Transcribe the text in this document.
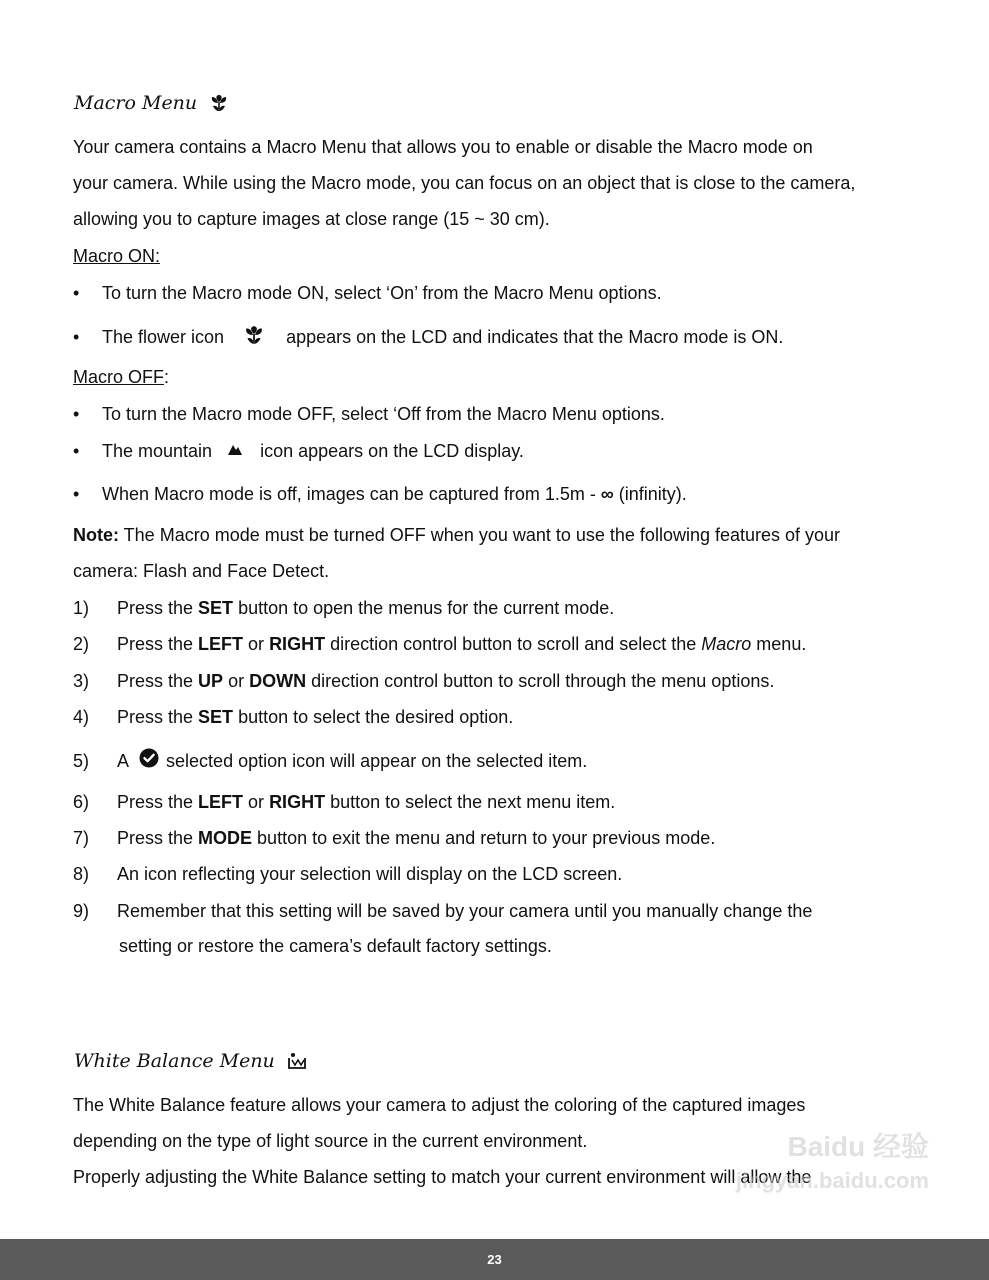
Macro Menu
Your camera contains a Macro Menu that allows you to enable or disable the Macro mode on
your camera. While using the Macro mode, you can focus on an object that is close to the camera,
allowing you to capture images at close range (15 ~ 30 cm).
Macro ON:
• To turn the Macro mode ON, select ‘On’ from the Macro Menu options.
• The flower icon	appears on the LCD and indicates that the Macro mode is ON.
Macro OFF:
• To turn the Macro mode OFF, select ‘Off from the Macro Menu options.
• The mountain	icon appears on the LCD display.
• When Macro mode is off, images can be captured from 1.5m - ∞ (infinity).
Note: The Macro mode must be turned OFF when you want to use the following features of your
camera: Flash and Face Detect.
1) Press the SET button to open the menus for the current mode.
2) Press the LEFT or RIGHT direction control button to scroll and select the Macro menu.
3) Press the UP or DOWN direction control button to scroll through the menu options.
4) Press the SET button to select the desired option.
5) A  selected option icon will appear on the selected item.
6) Press the LEFT or RIGHT button to select the next menu item.
7) Press the MODE button to exit the menu and return to your previous mode.
8) An icon reflecting your selection will display on the LCD screen.
9) Remember that this setting will be saved by your camera until you manually change the
setting or restore the camera’s default factory settings.
White Balance Menu
The White Balance feature allows your camera to adjust the coloring of the captured images
depending on the type of light source in the current environment.
Properly adjusting the White Balance setting to match your current environment will allow the
Baidu 经验
jingyan.baidu.com
23
